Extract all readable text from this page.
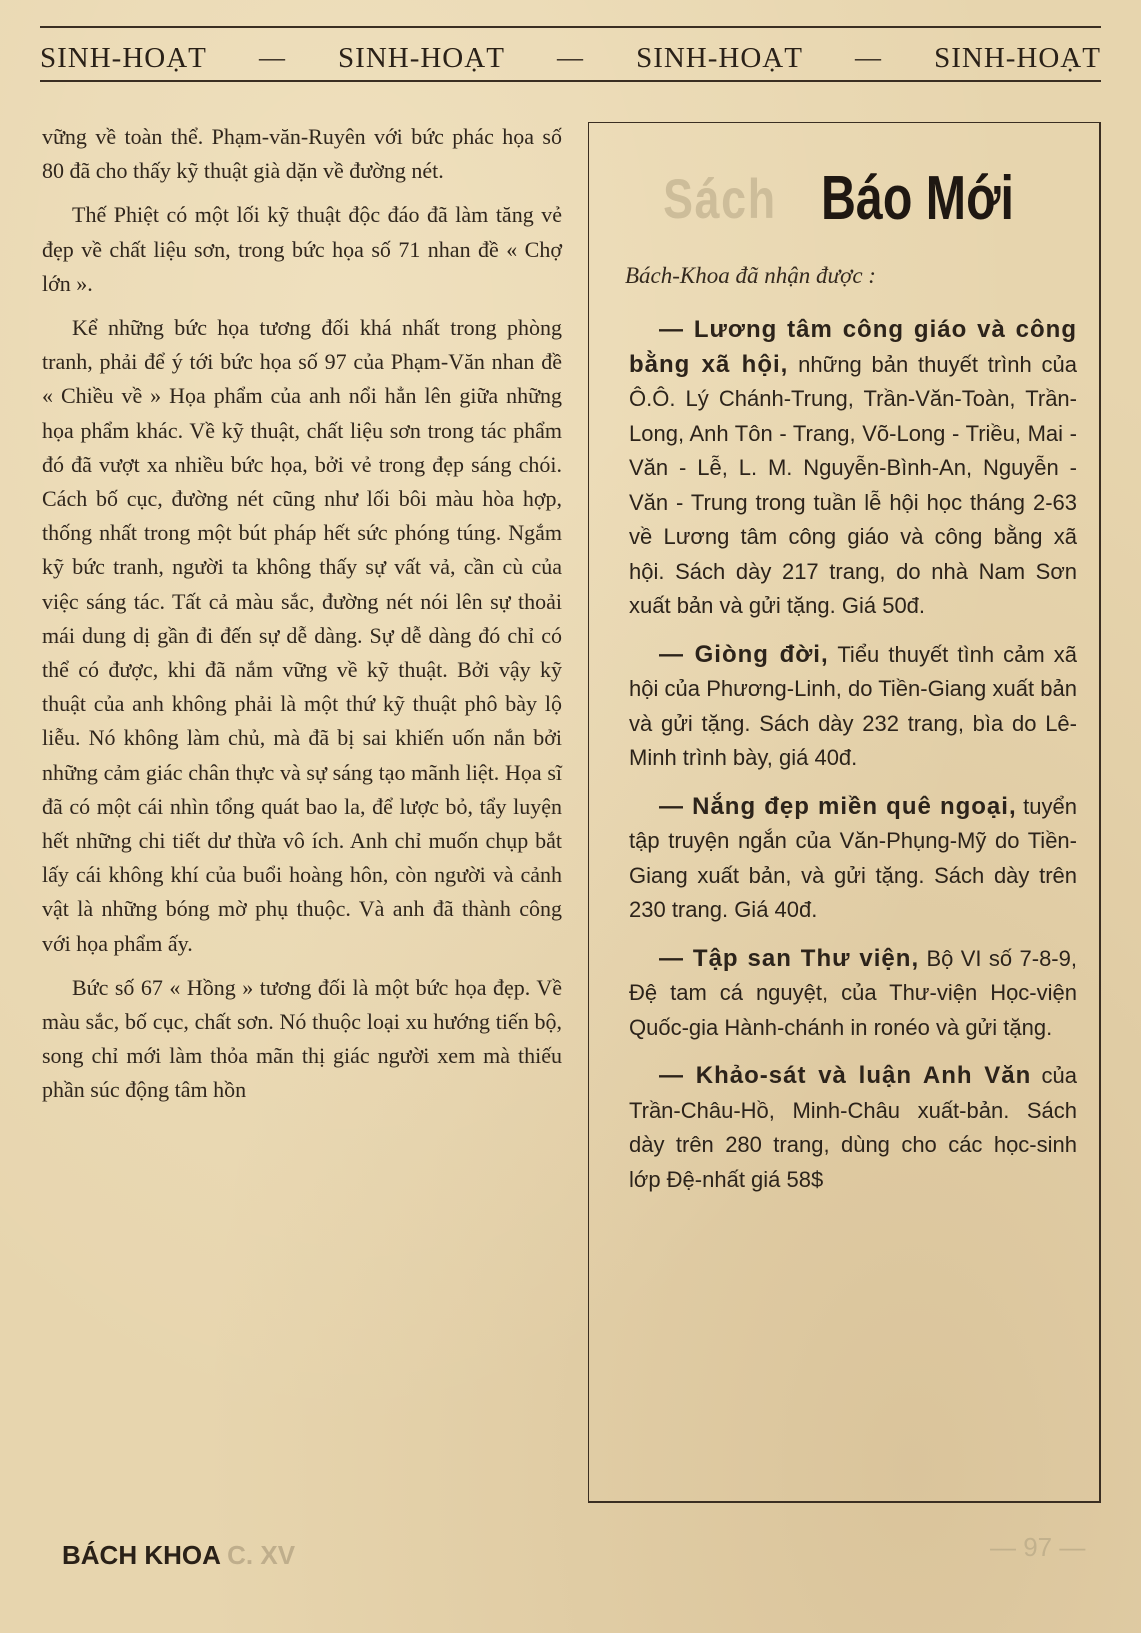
SINH-HOẠT — SINH-HOẠT — SINH-HOẠT — SINH-HOẠT

vững về toàn thể. Phạm-văn-Ruyên với bức phác họa số 80 đã cho thấy kỹ thuật già dặn về đường nét.

Thế Phiệt có một lối kỹ thuật độc đáo đã làm tăng vẻ đẹp về chất liệu sơn, trong bức họa số 71 nhan đề « Chợ lớn ».

Kể những bức họa tương đối khá nhất trong phòng tranh, phải để ý tới bức họa số 97 của Phạm-Văn nhan đề « Chiều về » Họa phẩm của anh nổi hẳn lên giữa những họa phẩm khác. Về kỹ thuật, chất liệu sơn trong tác phẩm đó đã vượt xa nhiều bức họa, bởi vẻ trong đẹp sáng chói. Cách bố cục, đường nét cũng như lối bôi màu hòa hợp, thống nhất trong một bút pháp hết sức phóng túng. Ngắm kỹ bức tranh, người ta không thấy sự vất vả, cần cù của việc sáng tác. Tất cả màu sắc, đường nét nói lên sự thoải mái dung dị gần đi đến sự dễ dàng. Sự dễ dàng đó chỉ có thể có được, khi đã nắm vững về kỹ thuật. Bởi vậy kỹ thuật của anh không phải là một thứ kỹ thuật phô bày lộ liễu. Nó không làm chủ, mà đã bị sai khiến uốn nắn bởi những cảm giác chân thực và sự sáng tạo mãnh liệt. Họa sĩ đã có một cái nhìn tổng quát bao la, để lược bỏ, tẩy luyện hết những chi tiết dư thừa vô ích. Anh chỉ muốn chụp bắt lấy cái không khí của buổi hoàng hôn, còn người và cảnh vật là những bóng mờ phụ thuộc. Và anh đã thành công với họa phẩm ấy.

Bức số 67 « Hồng » tương đối là một bức họa đẹp. Về màu sắc, bố cục, chất sơn. Nó thuộc loại xu hướng tiến bộ, song chỉ mới làm thỏa mãn thị giác người xem mà thiếu phần súc động tâm hồn

Sách Báo Mới
Bách-Khoa đã nhận được :

— Lương tâm công giáo và công bằng xã hội, những bản thuyết trình của Ô.Ô. Lý Chánh-Trung, Trần-Văn-Toàn, Trần-Long, Anh Tôn - Trang, Võ-Long - Triều, Mai - Văn - Lễ, L. M. Nguyễn-Bình-An, Nguyễn - Văn - Trung trong tuần lễ hội học tháng 2-63 về Lương tâm công giáo và công bằng xã hội. Sách dày 217 trang, do nhà Nam Sơn xuất bản và gửi tặng. Giá 50đ.

— Giòng đời, Tiểu thuyết tình cảm xã hội của Phương-Linh, do Tiền-Giang xuất bản và gửi tặng. Sách dày 232 trang, bìa do Lê-Minh trình bày, giá 40đ.

— Nắng đẹp miền quê ngoại, tuyển tập truyện ngắn của Văn-Phụng-Mỹ do Tiền-Giang xuất bản, và gửi tặng. Sách dày trên 230 trang. Giá 40đ.

— Tập san Thư viện, Bộ VI số 7-8-9, Đệ tam cá nguyệt, của Thư-viện Học-viện Quốc-gia Hành-chánh in ronéo và gửi tặng.

— Khảo-sát và luận Anh Văn của Trần-Châu-Hồ, Minh-Châu xuất-bản. Sách dày trên 280 trang, dùng cho các học-sinh lớp Đệ-nhất giá 58$

BÁCH KHOA C. XV	— 97 —
